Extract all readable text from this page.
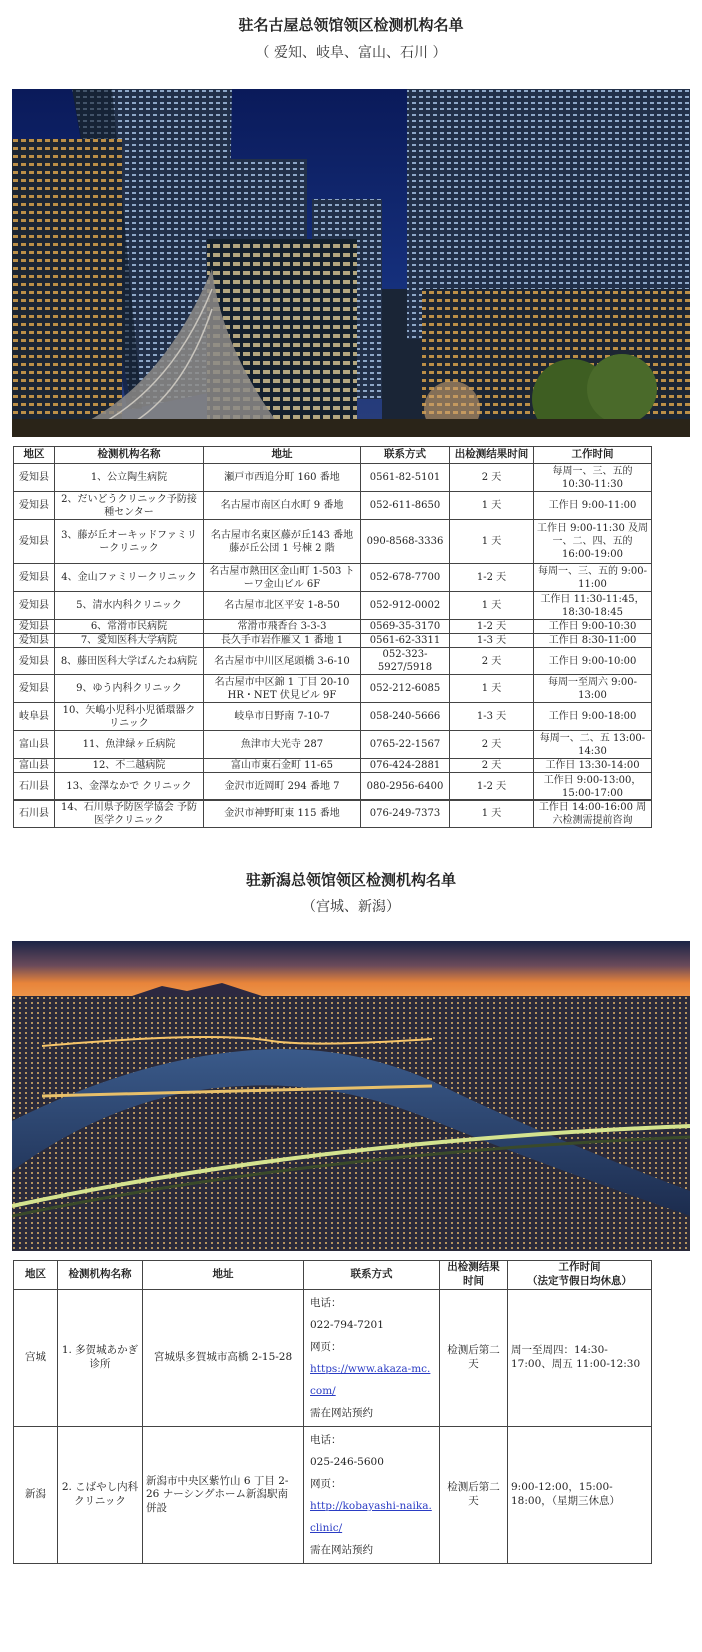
驻名古屋总领馆领区检测机构名单
（ 爱知、岐阜、富山、石川 ）
地区	检测机构名称	地址	联系方式	出检测结果时间	工作时间
爱知县	1、公立陶生病院	瀬戸市西追分町 160 番地	0561-82-5101	2 天	每周一、三、五的 10:30-11:30
爱知县	2、だいどうクリニック予防接種センター	名古屋市南区白水町 9 番地	052-611-8650	1 天	工作日 9:00-11:00
爱知县	3、藤が丘オーキッドファミリークリニック	名古屋市名東区藤が丘143 番地藤が丘公団 1 号棟 2 階	090-8568-3336	1 天	工作日 9:00-11:30 及周一、二、四、五的 16:00-19:00
爱知县	4、金山ファミリークリニック	名古屋市熱田区金山町 1-503 トーワ金山ビル 6F	052-678-7700	1-2 天	每周一、三、五的 9:00-11:00
爱知县	5、清水内科クリニック	名古屋市北区平安 1-8-50	052-912-0002	1 天	工作日 11:30-11:45，18:30-18:45
爱知县	6、常滑市民病院	常滑市飛香台 3-3-3	0569-35-3170	1-2 天	工作日 9:00-10:30
爱知县	7、愛知医科大学病院	長久手市岩作雁又 1 番地 1	0561-62-3311	1-3 天	工作日 8:30-11:00
爱知县	8、藤田医科大学ばんたね病院	名古屋市中川区尾頭橋 3-6-10	052-323-5927/5918	2 天	工作日 9:00-10:00
爱知县	9、ゆう内科クリニック	名古屋市中区錦 1 丁目 20-10 HR・NET 伏見ビル 9F	052-212-6085	1 天	每周一至周六 9:00-13:00
岐阜县	10、矢嶋小児科小児循環器クリニック	岐阜市日野南 7-10-7	058-240-5666	1-3 天	工作日 9:00-18:00
富山县	11、魚津緑ヶ丘病院	魚津市大光寺 287	0765-22-1567	2 天	每周一、二、五 13:00-14:30
富山县	12、不二越病院	富山市東石金町 11-65	076-424-2881	2 天	工作日 13:30-14:00
石川县	13、金澤なかで クリニック	金沢市近岡町 294 番地 7	080-2956-6400	1-2 天	工作日 9:00-13:00，15:00-17:00
石川县	14、石川県予防医学協会 予防医学クリニック	金沢市神野町東 115 番地	076-249-7373	1 天	工作日 14:00-16:00 周六检测需提前咨询
驻新潟总领馆领区检测机构名单
（宫城、新潟）
地区	检测机构名称	地址	联系方式	出检测结果时间	工作时间
（法定节假日均休息）
宫城	1. 多贺城あかぎ诊所	宮城県多賀城市高橋 2-15-28	电话：
022-794-7201
网页：
https://www.akaza-mc.com/
需在网站预约	检测后第二天	周一至周四：14:30-17:00、周五 11:00-12:30
新潟	2. こばやし内科クリニック	新潟市中央区紫竹山 6 丁目 2-26 ナーシングホーム新潟駅南 併設	电话：
025-246-5600
网页：
http://kobayashi-naika.clinic/
需在网站预约	检测后第二天	9:00-12:00，15:00-18:00，（星期三休息）
